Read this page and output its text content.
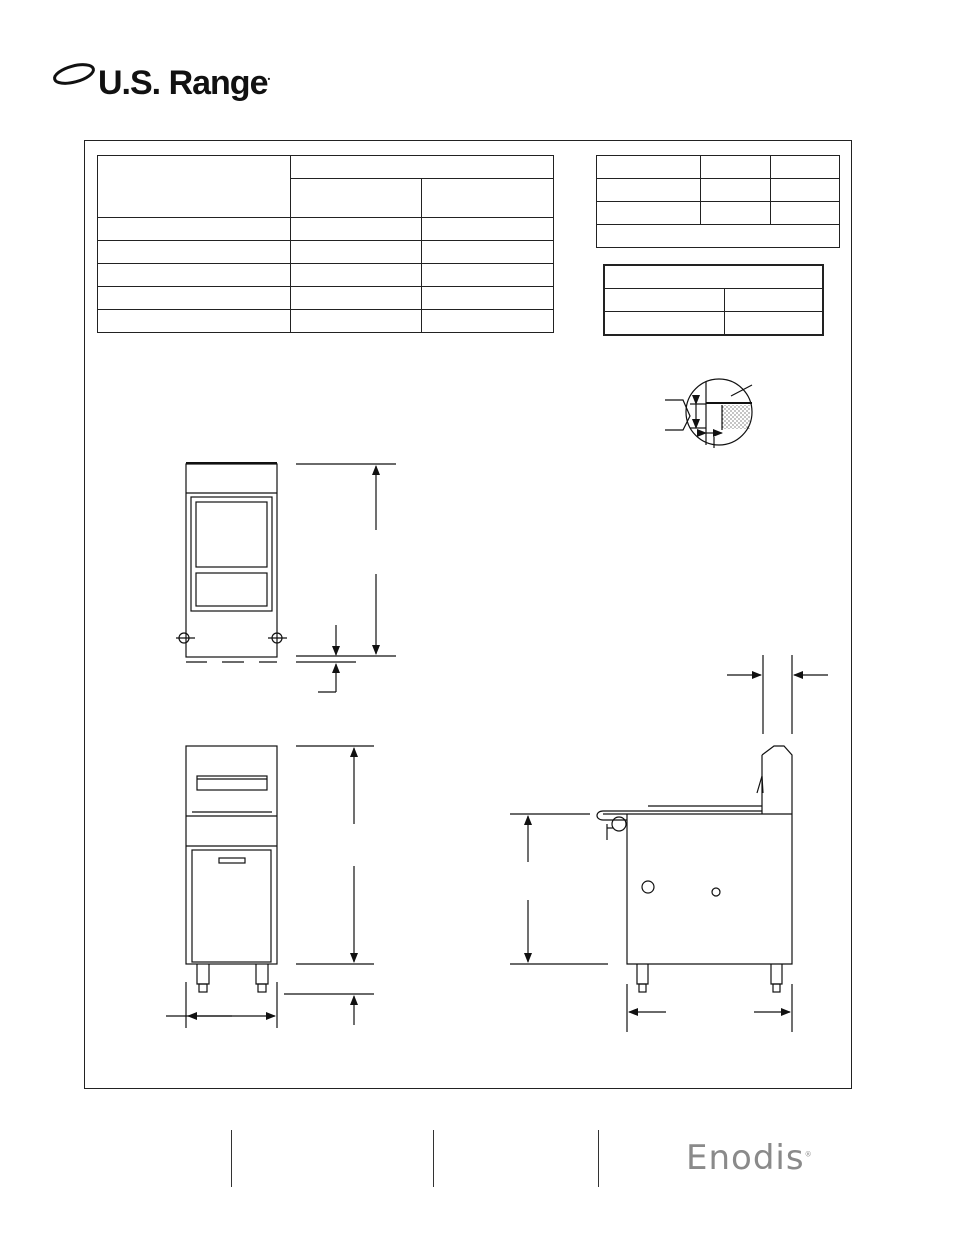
U.S. Range•

Enodis®
